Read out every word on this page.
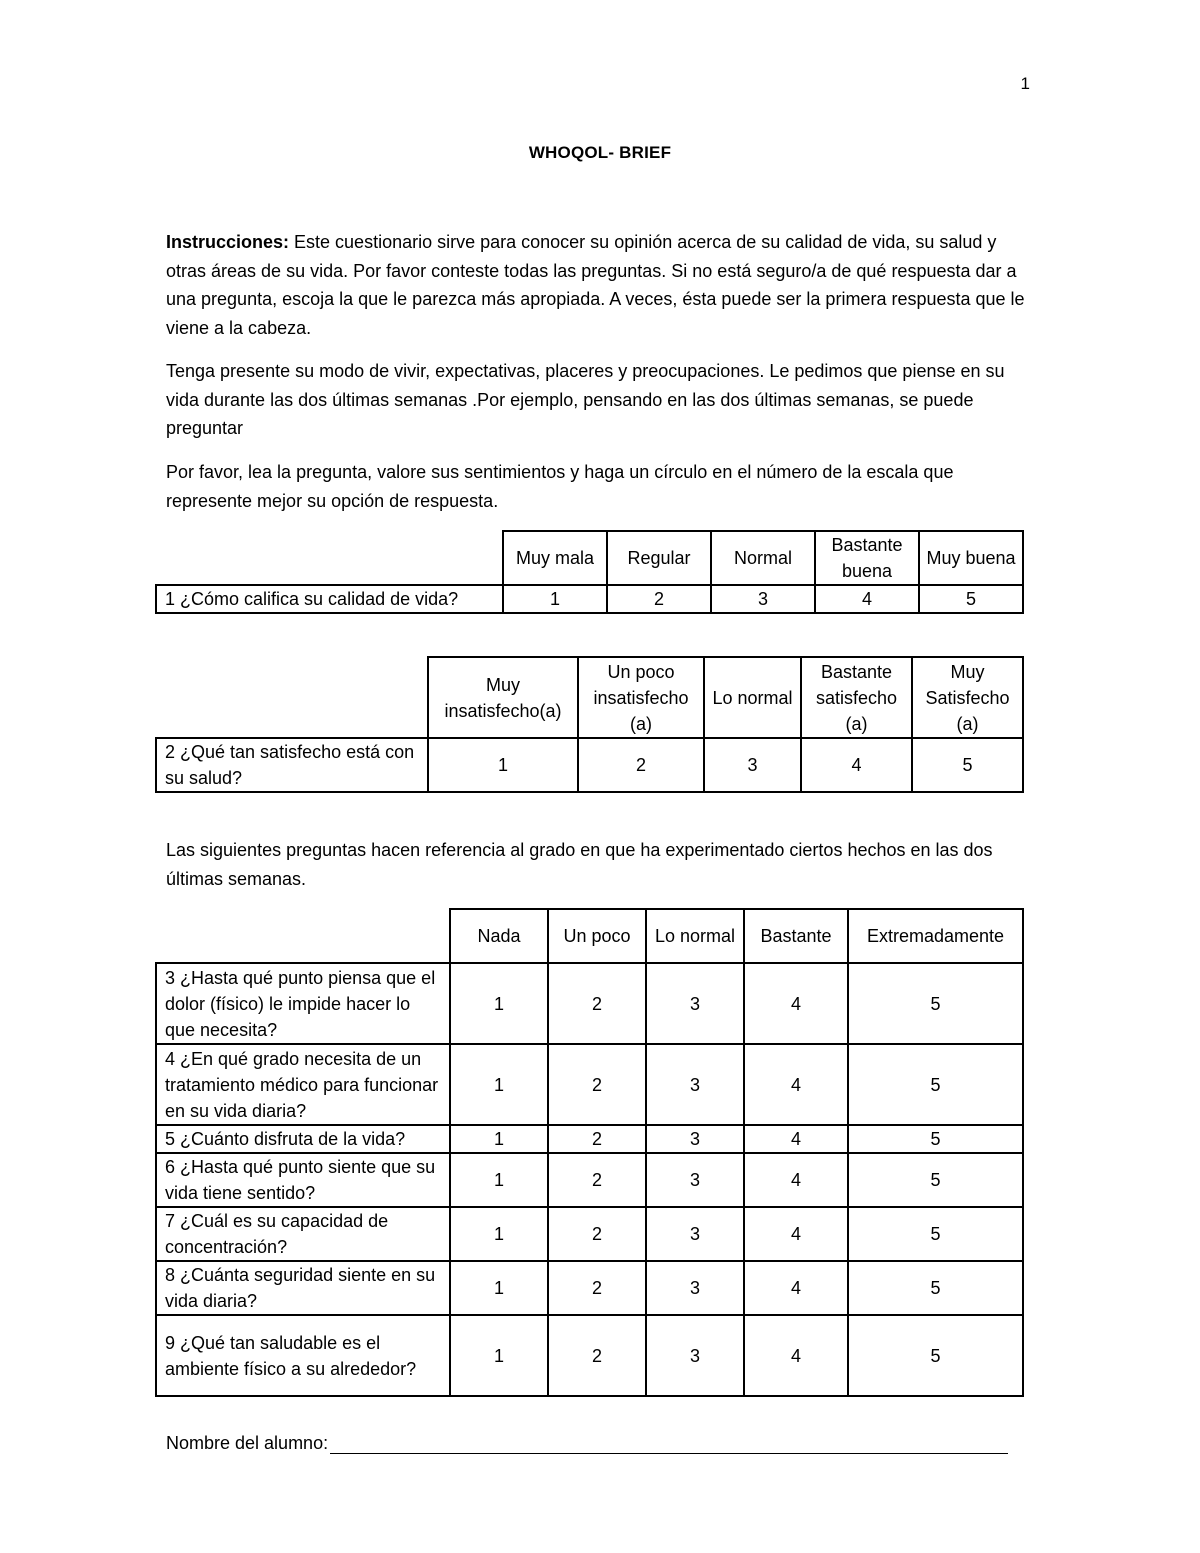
1
WHOQOL- BRIEF

Instrucciones: Este cuestionario sirve para conocer su opinión acerca de su calidad de vida, su salud y otras áreas de su vida. Por favor conteste todas las preguntas. Si no está seguro/a de qué respuesta dar a una pregunta, escoja la que le parezca más apropiada. A veces, ésta puede ser la primera respuesta que le viene a la cabeza.

Tenga presente su modo de vivir, expectativas, placeres y preocupaciones. Le pedimos que piense en su vida durante las dos últimas semanas .Por ejemplo, pensando en las dos últimas semanas, se puede preguntar

Por favor, lea la pregunta, valore sus sentimientos y haga un círculo en el número de la escala que represente mejor su opción de respuesta.

	Muy mala	Regular	Normal	Bastante buena	Muy buena
1 ¿Cómo califica su calidad de vida?	1	2	3	4	5
	Muy insatisfecho(a)	Un poco insatisfecho (a)	Lo normal	Bastante satisfecho (a)	Muy Satisfecho (a)
2 ¿Qué tan satisfecho está con su salud?	1	2	3	4	5

Las siguientes preguntas hacen referencia al grado en que ha experimentado ciertos hechos en las dos últimas semanas.

	Nada	Un poco	Lo normal	Bastante	Extremadamente
3 ¿Hasta qué punto piensa que el dolor (físico) le impide hacer lo que necesita?	1	2	3	4	5
4 ¿En qué grado necesita de un tratamiento médico para funcionar en su vida diaria?	1	2	3	4	5
5 ¿Cuánto disfruta de la vida?	1	2	3	4	5
6 ¿Hasta qué punto siente que su vida tiene sentido?	1	2	3	4	5
7 ¿Cuál es su capacidad de concentración?	1	2	3	4	5
8 ¿Cuánta seguridad siente en su vida diaria?	1	2	3	4	5
9 ¿Qué tan saludable es el ambiente físico a su alrededor?	1	2	3	4	5
Nombre del alumno:
